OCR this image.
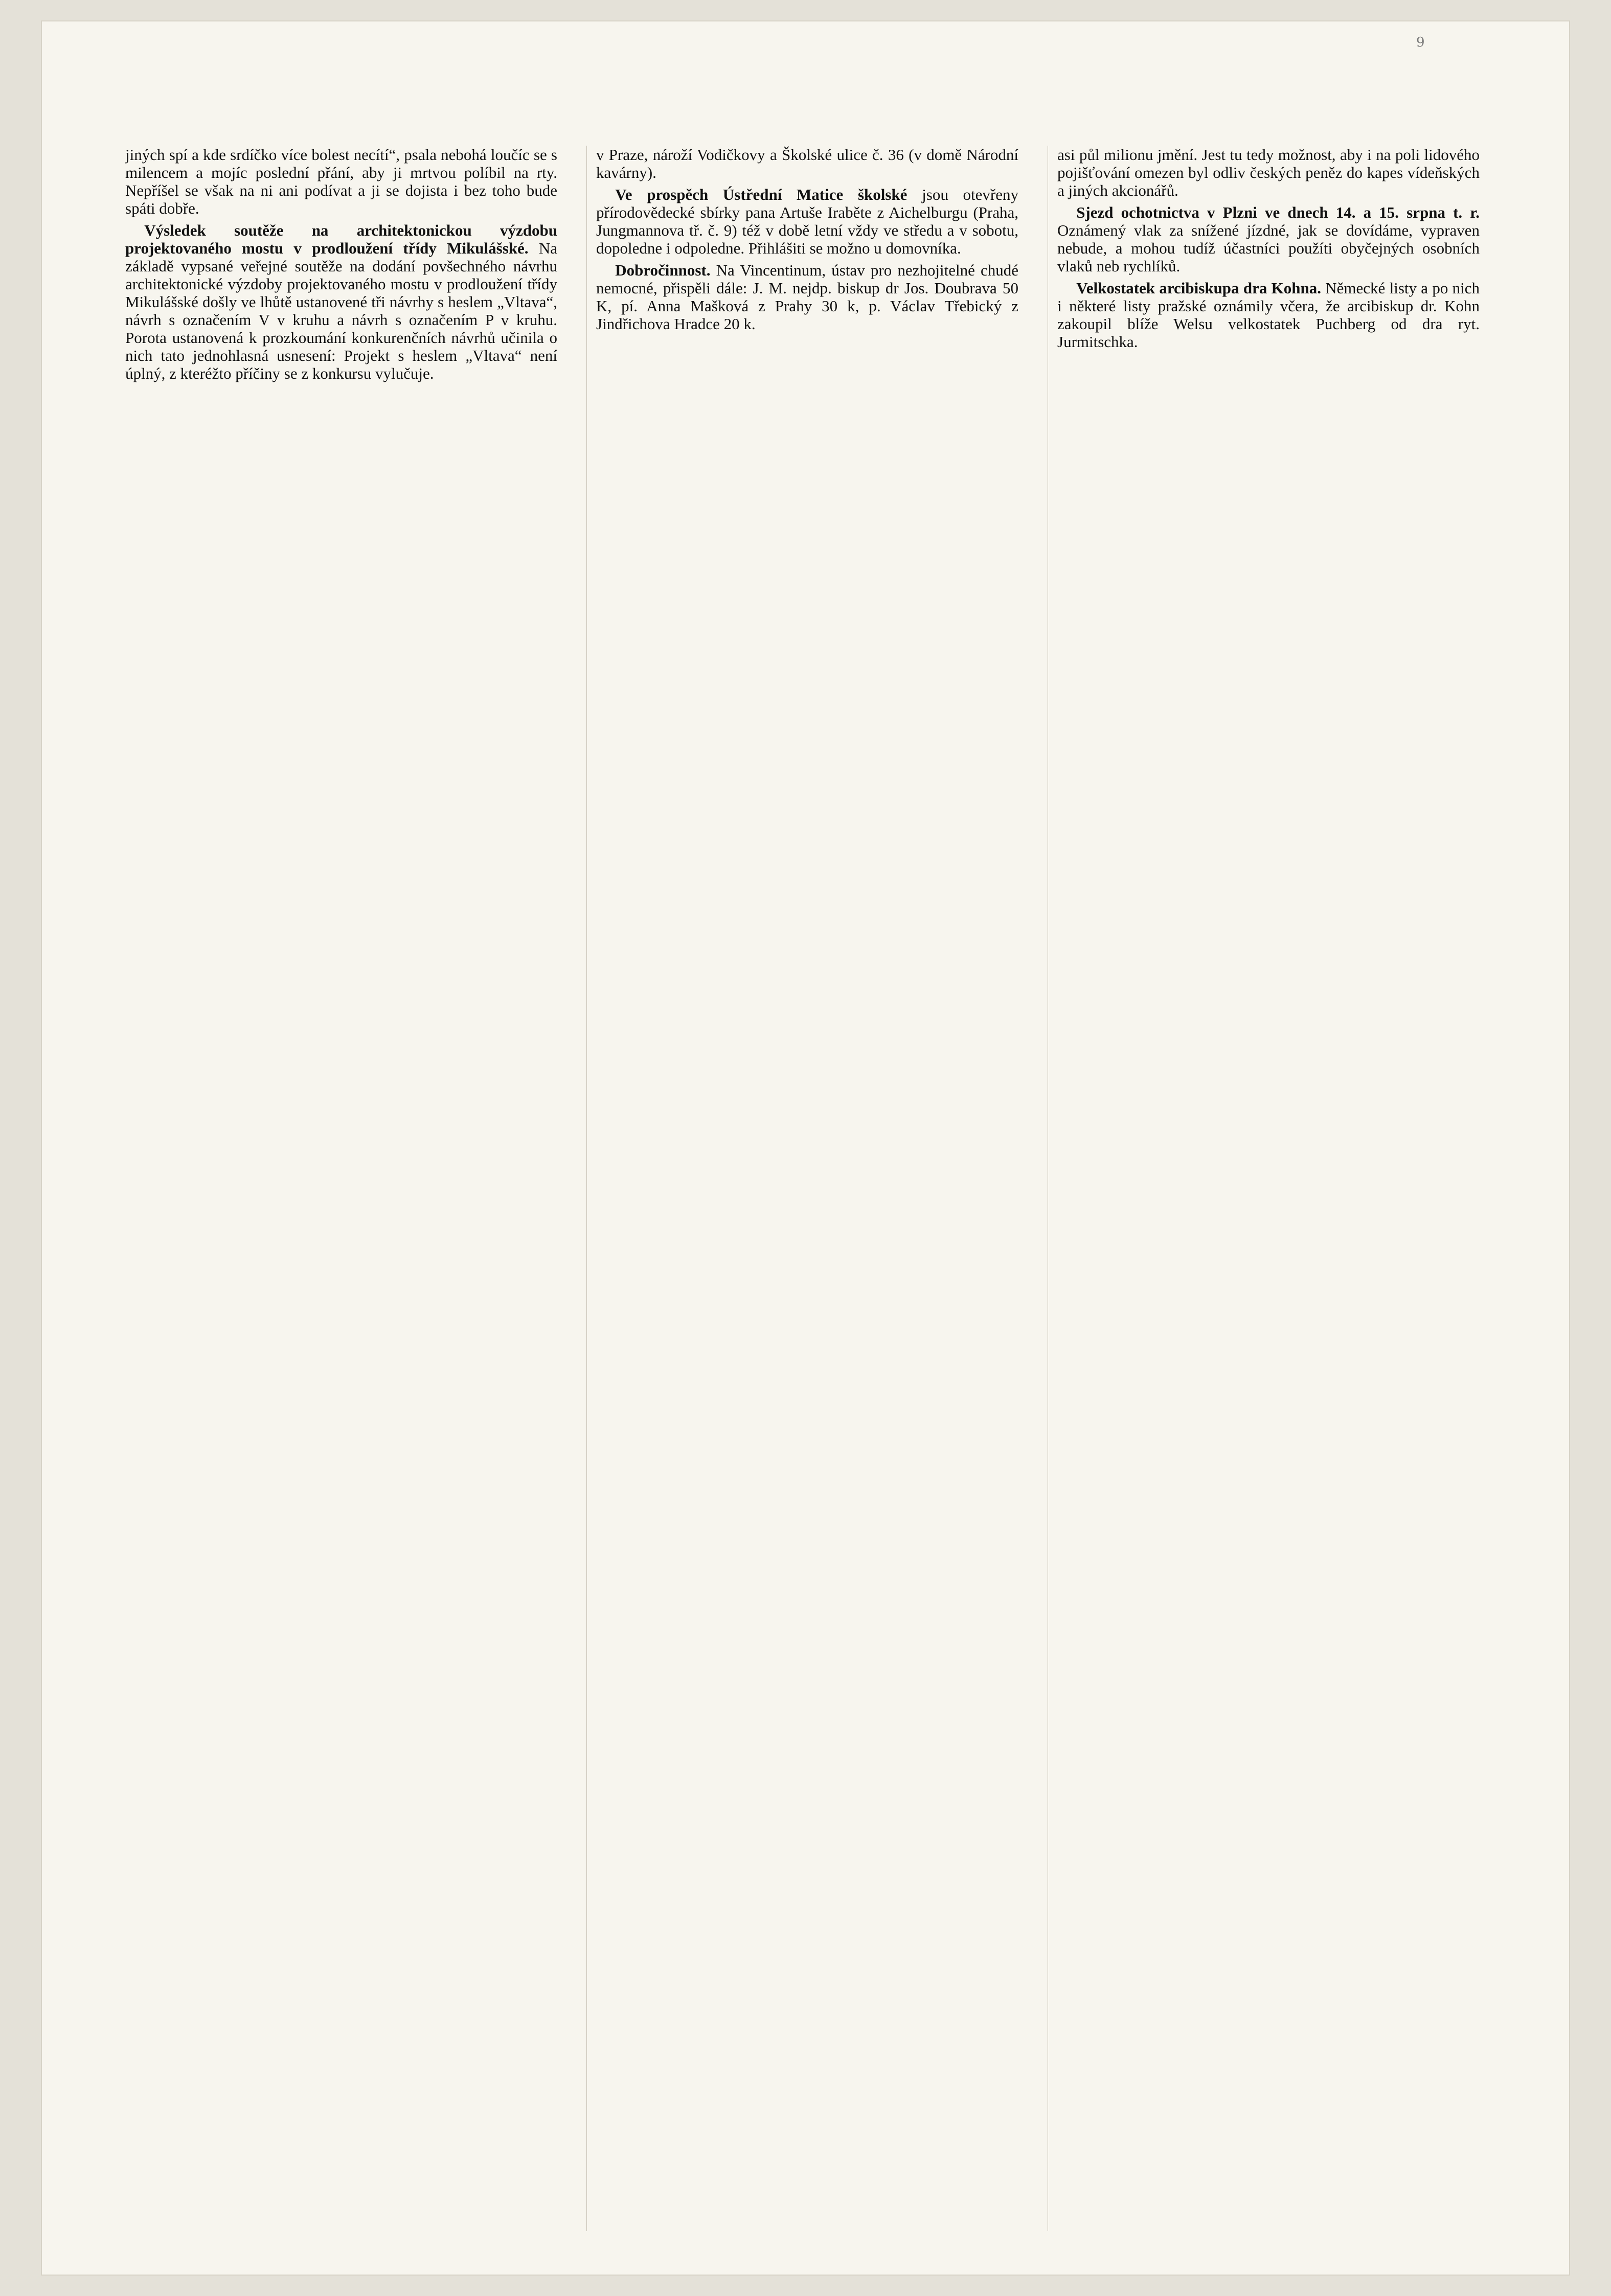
9

jiných spí a kde srdíčko více bolest necítí“, psala nebohá loučíc se s milencem a mojíc poslední přání, aby ji mrtvou políbil na rty. Nepříšel se však na ni ani podívat a ji se dojista i bez toho bude spáti dobře.

Výsledek soutěže na architektonickou výzdobu projektovaného mostu v prodloužení třídy Mikulášské. Na základě vypsané veřejné soutěže na dodání povšechného návrhu architektonické výzdoby projektovaného mostu v prodloužení třídy Mikulášské došly ve lhůtě ustanovené tři návrhy s heslem „Vltava“, návrh s označením V v kruhu a návrh s označením P v kruhu. Porota ustanovená k prozkoumání konkurenčních návrhů učinila o nich tato jednohlasná usnesení: Projekt s heslem „Vltava“ není úplný, z kteréžto příčiny se z konkursu vylučuje.

v Praze, nároží Vodičkovy a Školské ulice č. 36 (v domě Národní kavárny).

Ve prospěch Ústřední Matice školské jsou otevřeny přírodovědecké sbírky pana Artuše Iraběte z Aichelburgu (Praha, Jungmannova tř. č. 9) též v době letní vždy ve středu a v sobotu, dopoledne i odpoledne. Přihlášiti se možno u domovníka.

Dobročinnost. Na Vincentinum, ústav pro nezhojitelné chudé nemocné, přispěli dále: J. M. nejdp. biskup dr Jos. Doubrava 50 K, pí. Anna Mašková z Prahy 30 k, p. Václav Třebický z Jindřichova Hradce 20 k.

asi půl milionu jmění. Jest tu tedy možnost, aby i na poli lidového pojišťování omezen byl odliv českých peněz do kapes vídeňských a jiných akcionářů.

Sjezd ochotnictva v Plzni ve dnech 14. a 15. srpna t. r. Oznámený vlak za snížené jízdné, jak se dovídáme, vypraven nebude, a mohou tudíž účastníci použíti obyčejných osobních vlaků neb rychlíků.

Velkostatek arcibiskupa dra Kohna. Německé listy a po nich i některé listy pražské oznámily včera, že arcibiskup dr. Kohn zakoupil blíže Welsu velkostatek Puchberg od dra ryt. Jurmitschka.
